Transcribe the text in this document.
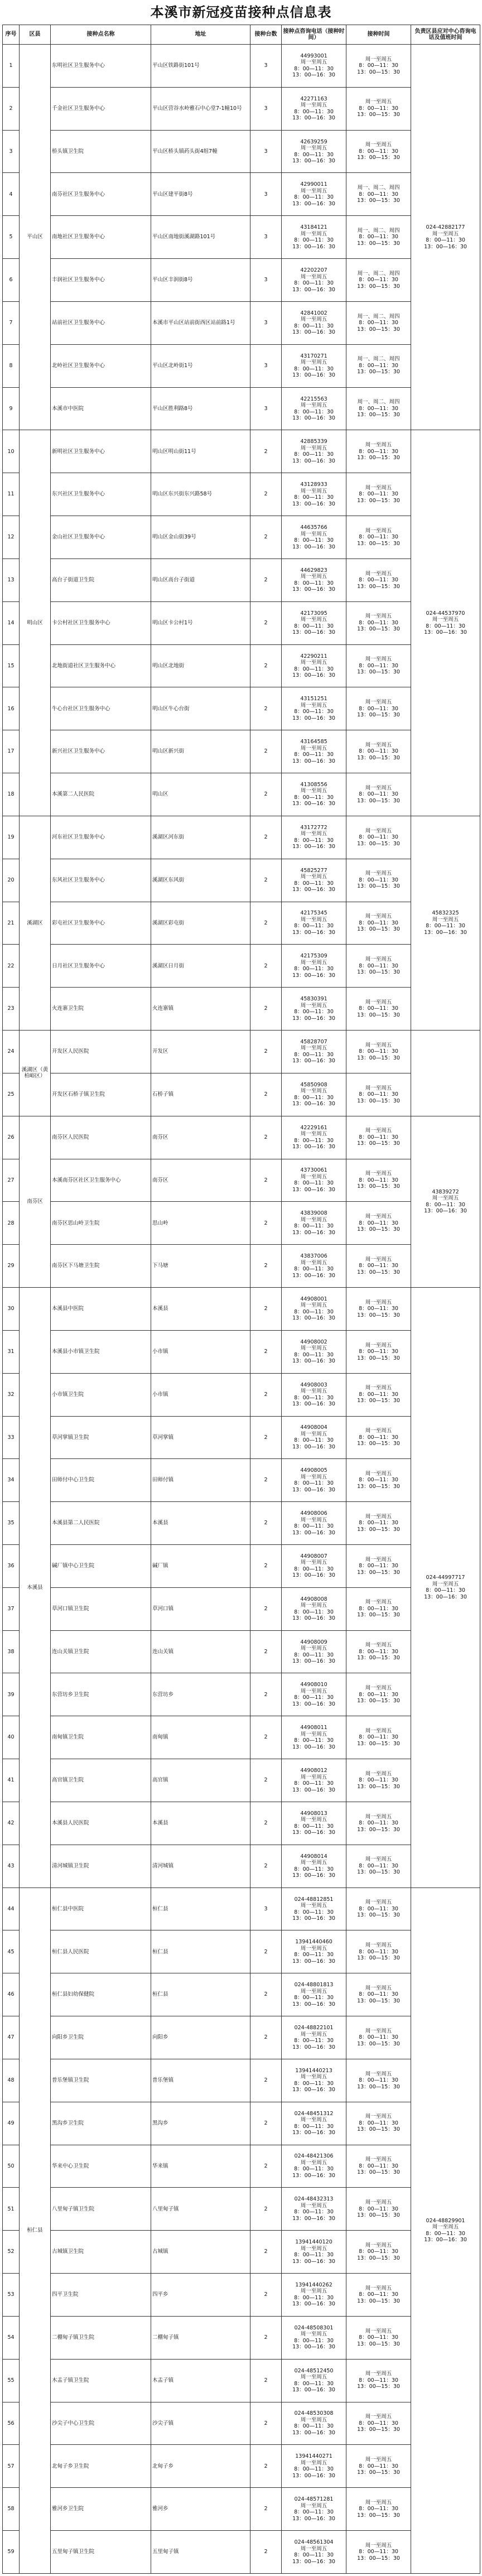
本溪市新冠疫苗接种点信息表
序号	区县	接种点名称	地址	接种台数	接种点咨询电话（接种时间）	接种时间	负责区县应对中心咨询电话及值班时间
1	平山区	东明社区卫生服务中心	平山区铁路街101号	3	44993001
周一至周五
8：00—11：30
13：00—16：30	周一至周五
8：00—11：30
13：00—15：30	024-42882177
周一至周五
8：00—11：30
13：00—16：30
2		千金社区卫生服务中心	平山区营谷水岭雅石中心堂7-1幢10号	3	42271163
周一至周五
8：00—11：30
13：00—16：30	周一至周五
8：00—11：30
13：00—15：30	
3		桥头镇卫生院	平山区桥头镇药头街4组7幢	3	42639259
周一至周五
8：00—11：30
13：00—16：30	周一至周五
8：00—11：30
13：00—15：30	
4		南芬社区卫生服务中心	平山区建平街8号	3	42990011
周一至周五
8：00—11：30
13：00—16：30	周一、周二、周四
8：00—11：30
13：00—15：30	
5		南地社区卫生服务中心	平山区南地街溪湖路101号	3	43184121
周一至周五
8：00—11：30
13：00—16：30	周一、周二、周四
8：00—11：30
13：00—15：30	
6		丰润社区卫生服务中心	平山区丰润街8号	3	42202207
周一至周五
8：00—11：30
13：00—16：30	周一、周二、周四
8：00—11：30
13：00—15：30	
7		站前社区卫生服务中心	本溪市平山区站前街西区站前路1号	3	42841002
周一至周五
8：00—11：30
13：00—16：30	周一、周二、周四
8：00—11：30
13：00—15：30	
8		北岭社区卫生服务中心	平山区北岭街1号	3	43170271
周一至周五
8：00—11：30
13：00—16：30	周一、周二、周四
8：00—11：30
13：00—15：30	
9		本溪市中医院	平山区胜利路8号	3	42215563
周一至周五
8：00—11：30
13：00—16：30	周一、周二、周四
8：00—11：30
13：00—15：30	
10	明山区	新明社区卫生服务中心	明山区明山街11号	2	42885339
周一至周五
8：00—11：30
13：00—16：30	周一至周五
8：00—11：30
13：00—15：30	024-44537970
周一至周五
8：00—11：30
13：00—16：30
11		东兴社区卫生服务中心	明山区东兴街东兴路58号	2	43128933
周一至周五
8：00—11：30
13：00—16：30	周一至周五
8：00—11：30
13：00—15：30	
12		金山社区卫生服务中心	明山区金山街39号	2	44635766
周一至周五
8：00—11：30
13：00—16：30	周一至周五
8：00—11：30
13：00—15：30	
13		高台子街道卫生院	明山区高台子街道	2	44629823
周一至周五
8：00—11：30
13：00—16：30	周一至周五
8：00—11：30
13：00—15：30	
14		卡公村社区卫生服务中心	明山区卡公村1号	2	42173095
周一至周五
8：00—11：30
13：00—16：30	周一至周五
8：00—11：30
13：00—15：30	
15		北地街道社区卫生服务中心	明山区北地街	2	42290211
周一至周五
8：00—11：30
13：00—16：30	周一至周五
8：00—11：30
13：00—15：30	
16		牛心台社区卫生服务中心	明山区牛心台街	2	43151251
周一至周五
8：00—11：30
13：00—16：30	周一至周五
8：00—11：30
13：00—15：30	
17		新兴社区卫生服务中心	明山区新兴街	2	43164585
周一至周五
8：00—11：30
13：00—16：30	周一至周五
8：00—11：30
13：00—15：30	
18		本溪第二人民医院	明山区	2	41308556
周一至周五
8：00—11：30
13：00—16：30	周一至周五
8：00—11：30
13：00—15：30	
19	溪湖区	河东社区卫生服务中心	溪湖区河东街	2	43172772
周一至周五
8：00—11：30
13：00—16：30	周一至周五
8：00—11：30
13：00—15：30	45832325
周一至周五
8：00—11：30
13：00—16：30
20		东风社区卫生服务中心	溪湖区东风街	2	45825277
周一至周五
8：00—11：30
13：00—16：30	周一至周五
8：00—11：30
13：00—15：30	
21		彩屯社区卫生服务中心	溪湖区彩屯街	2	42175345
周一至周五
8：00—11：30
13：00—16：30	周一至周五
8：00—11：30
13：00—15：30	
22		日月社区卫生服务中心	溪湖区日月街	2	42175309
周一至周五
8：00—11：30
13：00—16：30	周一至周五
8：00—11：30
13：00—15：30	
23		火连寨卫生院	火连寨镇	2	45830391
周一至周五
8：00—11：30
13：00—16：30	周一至周五
8：00—11：30
13：00—15：30	
24	溪湖区（黄柏峪区）	开发区人民医院	开发区	2	45828707
周一至周五
8：00—11：30
13：00—16：30	周一至周五
8：00—11：30
13：00—15：30	
25		开发区石桥子镇卫生院	石桥子镇	2	45850908
周一至周五
8：00—11：30
13：00—16：30	周一至周五
8：00—11：30
13：00—15：30	
26	南芬区	南芬区人民医院	南芬区	2	42229161
周一至周五
8：00—11：30
13：00—16：30	周一至周五
8：00—11：30
13：00—15：30	43839272
周一至周五
8：00—11：30
13：00—16：30
27		本溪南芬区社区卫生服务中心	南芬区	2	43730061
周一至周五
8：00—11：30
13：00—16：30	周一至周五
8：00—11：30
13：00—15：30	
28		南芬区思山岭卫生院	思山岭	2	43839008
周一至周五
8：00—11：30
13：00—16：30	周一至周五
8：00—11：30
13：00—15：30	
29		南芬区下马塘卫生院	下马塘	2	43837006
周一至周五
8：00—11：30
13：00—16：30	周一至周五
8：00—11：30
13：00—15：30	
30	本溪县	本溪县中医院	本溪县	2	44908001
周一至周五
8：00—11：30
13：00—16：30	周一至周五
8：00—11：30
13：00—15：30	024-44997717
周一至周五
8：00—11：30
13：00—16：30
31		本溪县小市镇卫生院	小市镇	2	44908002
周一至周五
8：00—11：30
13：00—16：30	周一至周五
8：00—11：30
13：00—15：30	
32		小市镇卫生院	小市镇	2	44908003
周一至周五
8：00—11：30
13：00—16：30	周一至周五
8：00—11：30
13：00—15：30	
33		草河掌镇卫生院	草河掌镇	2	44908004
周一至周五
8：00—11：30
13：00—16：30	周一至周五
8：00—11：30
13：00—15：30	
34		田师付中心卫生院	田师付镇	2	44908005
周一至周五
8：00—11：30
13：00—16：30	周一至周五
8：00—11：30
13：00—15：30	
35		本溪县第二人民医院	本溪县	2	44908006
周一至周五
8：00—11：30
13：00—16：30	周一至周五
8：00—11：30
13：00—15：30	
36		碱厂镇中心卫生院	碱厂镇	2	44908007
周一至周五
8：00—11：30
13：00—16：30	周一至周五
8：00—11：30
13：00—15：30	
37		草河口镇卫生院	草河口镇	2	44908008
周一至周五
8：00—11：30
13：00—16：30	周一至周五
8：00—11：30
13：00—15：30	
38		连山关镇卫生院	连山关镇	2	44908009
周一至周五
8：00—11：30
13：00—16：30	周一至周五
8：00—11：30
13：00—15：30	
39		东营坊乡卫生院	东营坊乡	2	44908010
周一至周五
8：00—11：30
13：00—16：30	周一至周五
8：00—11：30
13：00—15：30	
40		南甸镇卫生院	南甸镇	2	44908011
周一至周五
8：00—11：30
13：00—16：30	周一至周五
8：00—11：30
13：00—15：30	
41		高官镇卫生院	高官镇	2	44908012
周一至周五
8：00—11：30
13：00—16：30	周一至周五
8：00—11：30
13：00—15：30	
42		本溪县人民医院	本溪县	2	44908013
周一至周五
8：00—11：30
13：00—16：30	周一至周五
8：00—11：30
13：00—15：30	
43		清河城镇卫生院	清河城镇	2	44908014
周一至周五
8：00—11：30
13：00—16：30	周一至周五
8：00—11：30
13：00—15：30	
44	桓仁县	桓仁县中医院	桓仁县	3	024-48812851
周一至周五
8：00—11：30
13：00—16：30	周一至周五
8：00—11：30
13：00—15：30	024-48829901
周一至周五
8：00—11：30
13：00—16：30
45		桓仁县人民医院	桓仁县	2	13941440460
周一至周五
8：00—11：30
13：00—16：30	周一至周五
8：00—11：30
13：00—15：30	
46		桓仁县妇幼保健院	桓仁县	2	024-48801813
周一至周五
8：00—11：30
13：00—16：30	周一至周五
8：00—11：30
13：00—15：30	
47		向阳乡卫生院	向阳乡	2	024-48822101
周一至周五
8：00—11：30
13：00—16：30	周一至周五
8：00—11：30
13：00—15：30	
48		普乐堡镇卫生院	普乐堡镇	2	13941440213
周一至周五
8：00—11：30
13：00—16：30	周一至周五
8：00—11：30
13：00—15：30	
49		黑沟乡卫生院	黑沟乡	2	024-48451312
周一至周五
8：00—11：30
13：00—16：30	周一至周五
8：00—11：30
13：00—15：30	
50		华来中心卫生院	华来镇	2	024-48421306
周一至周五
8：00—11：30
13：00—16：30	周一至周五
8：00—11：30
13：00—15：30	
51		八里甸子镇卫生院	八里甸子镇	2	024-48432313
周一至周五
8：00—11：30
13：00—16：30	周一至周五
8：00—11：30
13：00—15：30	
52		古城镇卫生院	古城镇	2	13941440120
周一至周五
8：00—11：30
13：00—16：30	周一至周五
8：00—11：30
13：00—15：30	
53		四平卫生院	四平乡	2	13941440262
周一至周五
8：00—11：30
13：00—16：30	周一至周五
8：00—11：30
13：00—15：30	
54		二棚甸子镇卫生院	二棚甸子镇	2	024-48508301
周一至周五
8：00—11：30
13：00—16：30	周一至周五
8：00—11：30
13：00—15：30	
55		木盂子镇卫生院	木盂子镇	2	024-48512450
周一至周五
8：00—11：30
13：00—16：30	周一至周五
8：00—11：30
13：00—15：30	
56		沙尖子中心卫生院	沙尖子镇	2	024-48530308
周一至周五
8：00—11：30
13：00—16：30	周一至周五
8：00—11：30
13：00—15：30	
57		北甸子乡卫生院	北甸子乡	2	13941440271
周一至周五
8：00—11：30
13：00—16：30	周一至周五
8：00—11：30
13：00—15：30	
58		雅河乡卫生院	雅河乡	2	024-48571281
周一至周五
8：00—11：30
13：00—16：30	周一至周五
8：00—11：30
13：00—15：30	
59		五里甸子镇卫生院	五里甸子镇	2	024-48561304
周一至周五
8：00—11：30
13：00—16：30	周一至周五
8：00—11：30
13：00—15：30	
